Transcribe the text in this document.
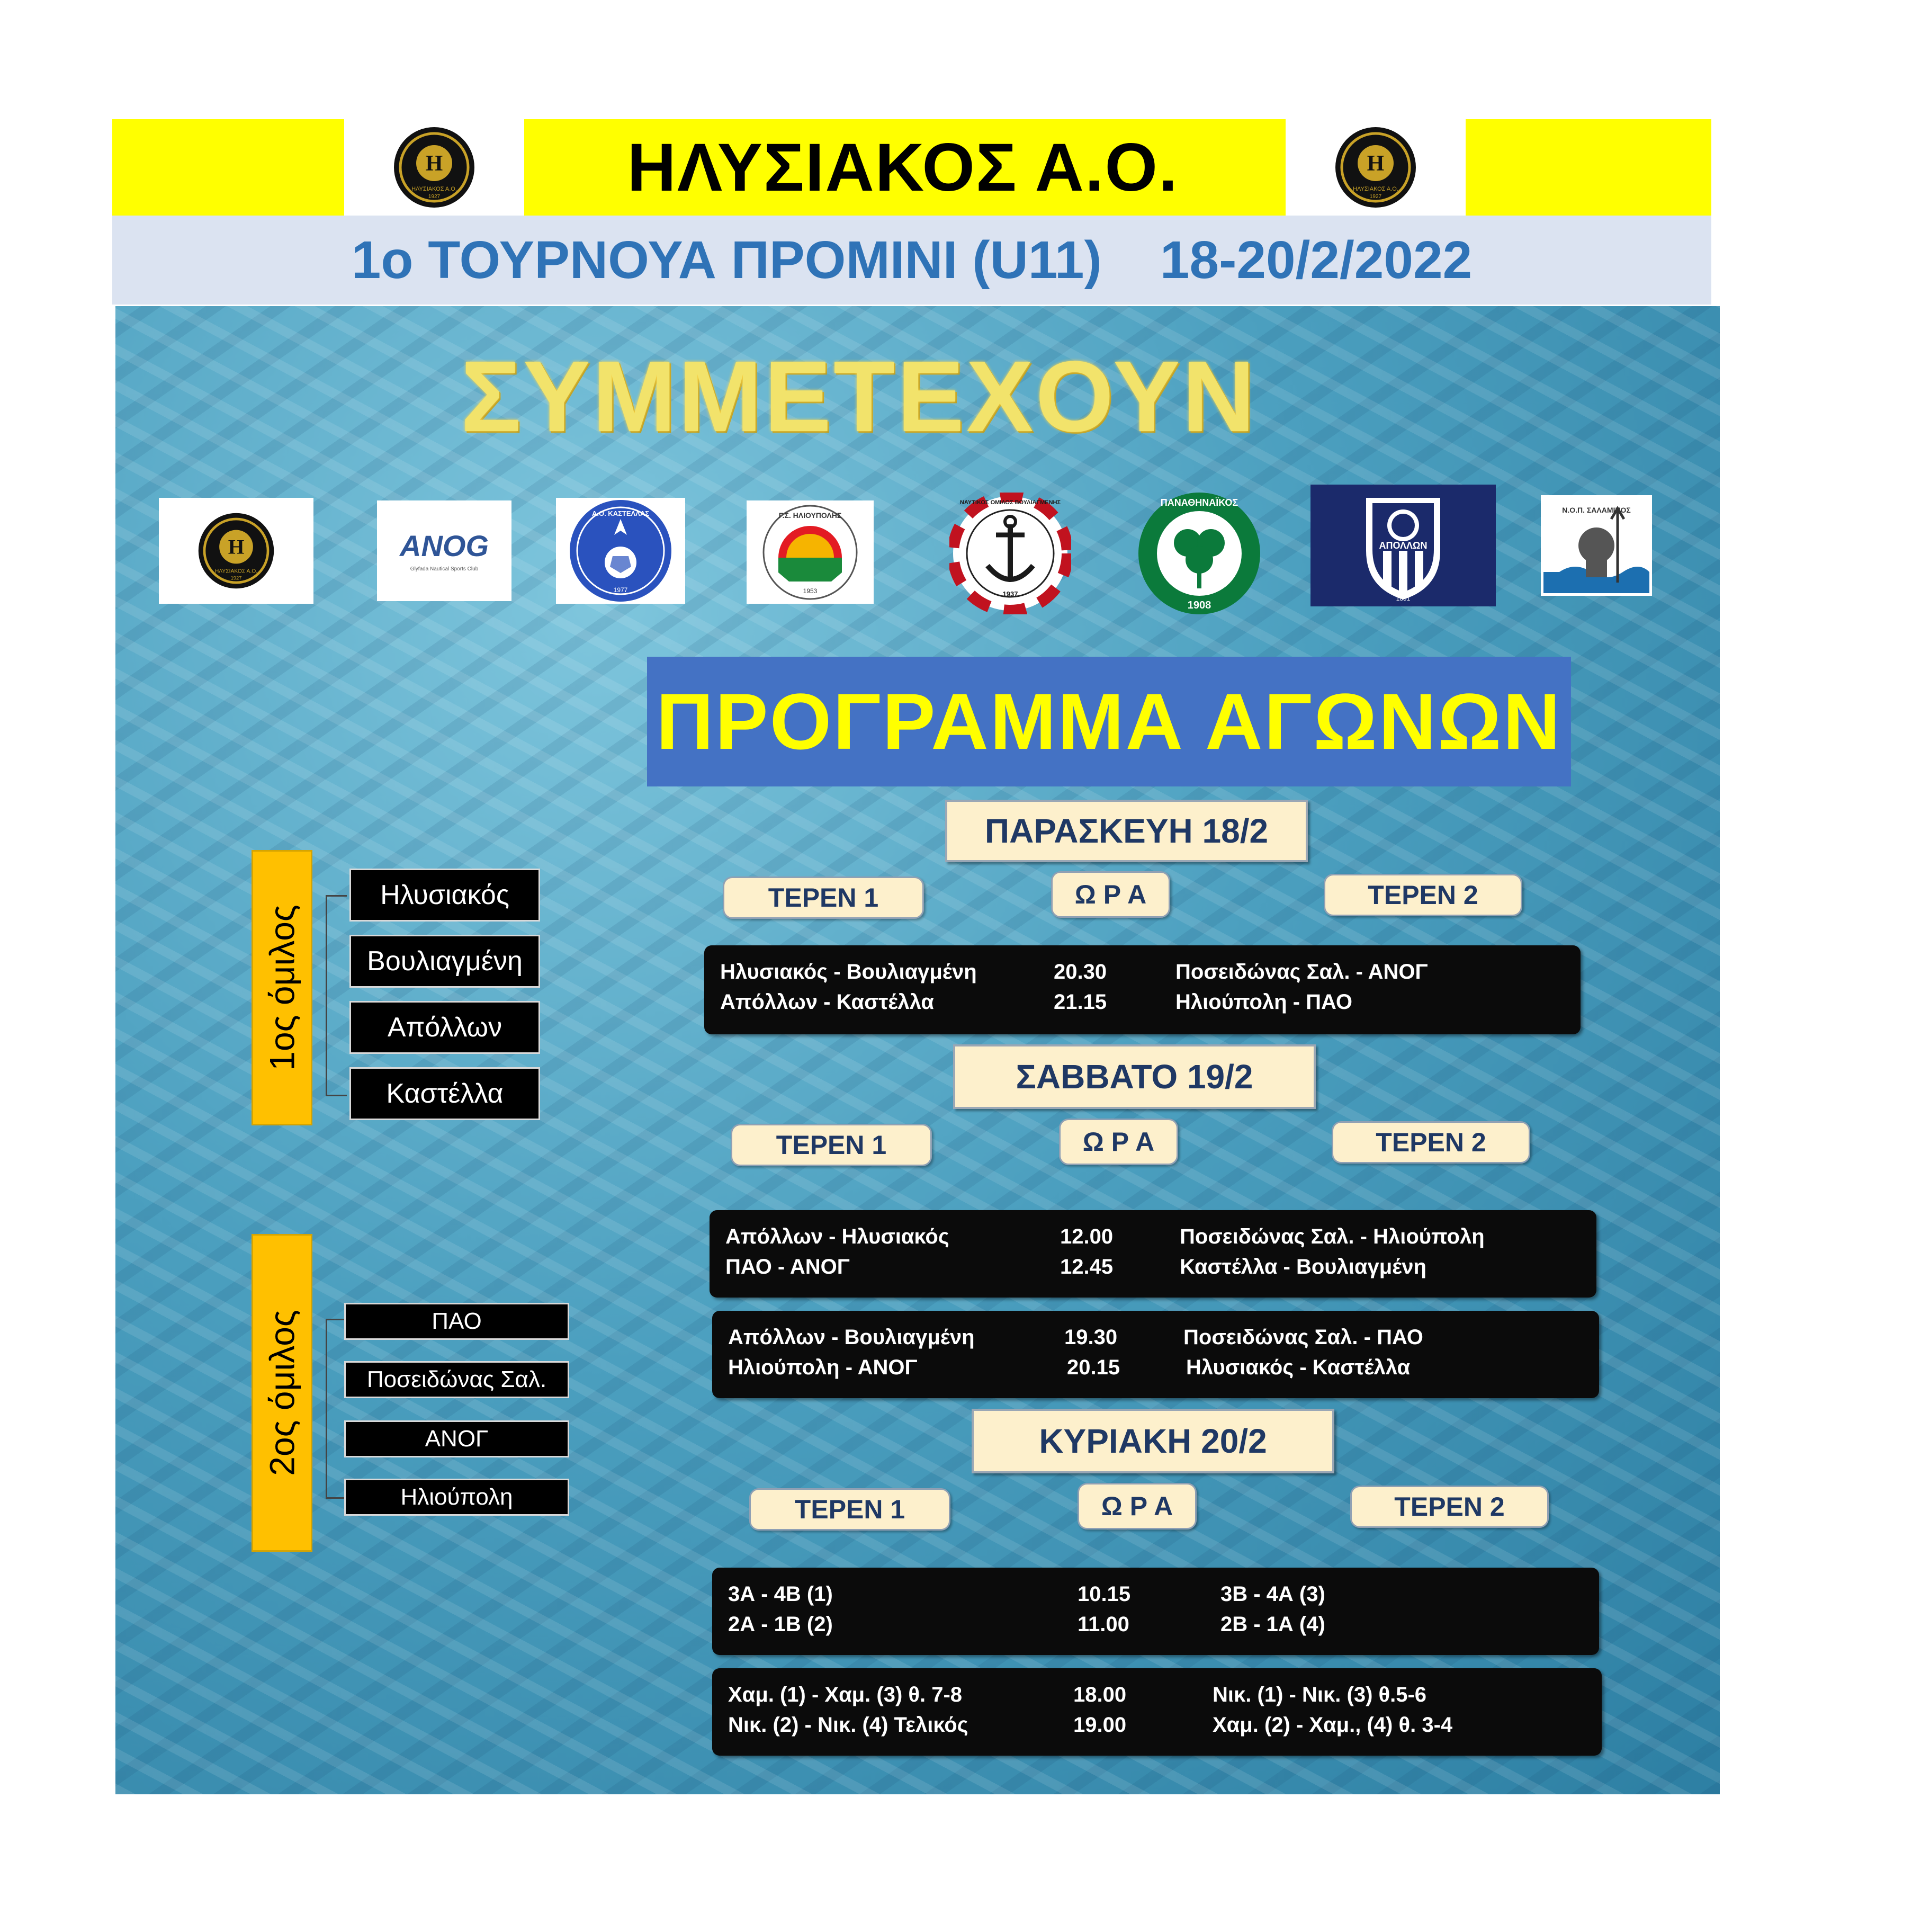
H
ΗΛΥΣΙΑΚΟΣ Α.Ο.
1927	ΗΛΥΣΙΑΚΟΣ Α.Ο.	H
ΗΛΥΣΙΑΚΟΣ Α.Ο.
1927
1ο ΤΟΥΡΝΟΥΑ ΠΡΟΜΙΝΙ (U11) 18-20/2/2022
ΣΥΜΜΕΤΕΧΟΥΝ
H
ΗΛΥΣΙΑΚΟΣ Α.Ο.
1927
ANOG
Glyfada Nautical Sports Club
Α.Ο. ΚΑΣΤΕΛΛΑΣ
1977
Γ.Σ. ΗΛΙΟΥΠΟΛΗΣ
1953
ΝΑΥΤΙΚΟΣ ΟΜΙΛΟΣ ΒΟΥΛΙΑΓΜΕΝΗΣ
1937
ΠΑΝΑΘΗΝΑΪΚΟΣ
1908
ΑΠΟΛΛΩΝ
1891
Ν.Ο.Π. ΣΑΛΑΜΙΝΟΣ
ΠΡΟΓΡΑΜΜΑ ΑΓΩΝΩΝ
ΠΑΡΑΣΚΕΥΗ 18/2
ΤΕΡΕΝ 1	Ω Ρ Α	ΤΕΡΕΝ 2
Ηλυσιακός - Βουλιαγμένη	20.30	Ποσειδώνας Σαλ. - ΑΝΟΓ
Απόλλων - Καστέλλα	21.15	Ηλιούπολη - ΠΑΟ
ΣΑΒΒΑΤΟ 19/2
ΤΕΡΕΝ 1	Ω Ρ Α	ΤΕΡΕΝ 2
Απόλλων - Ηλυσιακός	12.00	Ποσειδώνας Σαλ. - Ηλιούπολη
ΠΑΟ - ΑΝΟΓ	12.45	Καστέλλα - Βουλιαγμένη
Απόλλων - Βουλιαγμένη	19.30	Ποσειδώνας Σαλ. - ΠΑΟ
Ηλιούπολη - ΑΝΟΓ	20.15	Ηλυσιακός - Καστέλλα
ΚΥΡΙΑΚΗ 20/2
ΤΕΡΕΝ 1	Ω Ρ Α	ΤΕΡΕΝ 2
3Α - 4Β (1)	10.15	3Β - 4Α (3)
2Α - 1Β (2)	11.00	2Β - 1Α (4)
Χαμ. (1) - Χαμ. (3) θ. 7-8	18.00	Νικ. (1) - Νικ. (3) θ.5-6
Νικ. (2) - Νικ. (4) Τελικός	19.00	Χαμ. (2) - Χαμ., (4) θ. 3-4
1ος όμιλος
Ηλυσιακός
Βουλιαγμένη
Απόλλων
Καστέλλα
2ος όμιλος	ΠΑΟ
Ποσειδώνας Σαλ.
ΑΝΟΓ
Ηλιούπολη
